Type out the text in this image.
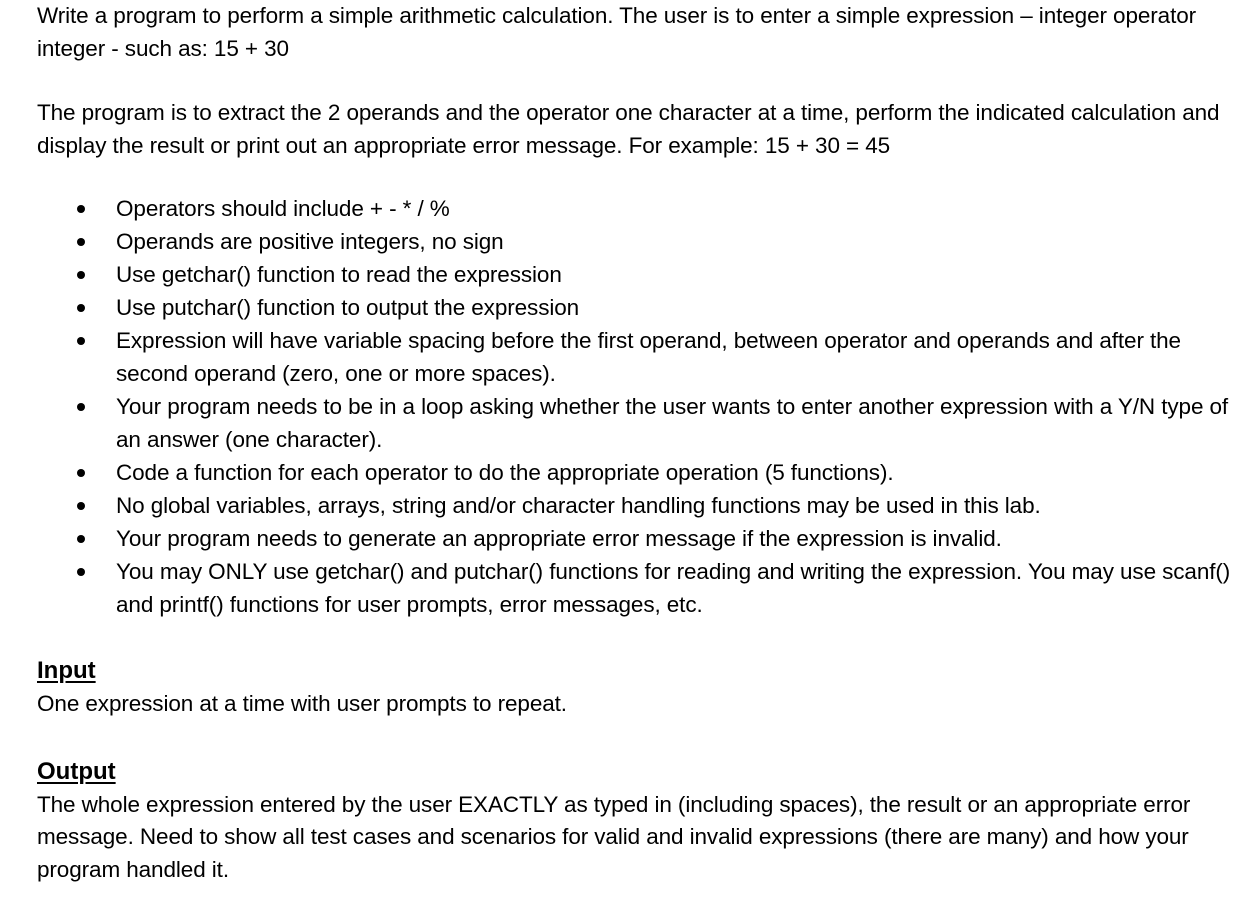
Write a program to perform a simple arithmetic calculation. The user is to enter a simple expression – integer operator integer - such as: 15 + 30

The program is to extract the 2 operands and the operator one character at a time, perform the indicated calculation and display the result or print out an appropriate error message. For example: 15 + 30 = 45

Operators should include + - * / %
Operands are positive integers, no sign
Use getchar() function to read the expression
Use putchar() function to output the expression
Expression will have variable spacing before the first operand, between operator and operands and after the second operand (zero, one or more spaces).
Your program needs to be in a loop asking whether the user wants to enter another expression with a Y/N type of an answer (one character).
Code a function for each operator to do the appropriate operation (5 functions).
No global variables, arrays, string and/or character handling functions may be used in this lab.
Your program needs to generate an appropriate error message if the expression is invalid.
You may ONLY use getchar() and putchar() functions for reading and writing the expression. You may use scanf() and printf() functions for user prompts, error messages, etc.
Input

One expression at a time with user prompts to repeat.

Output

The whole expression entered by the user EXACTLY as typed in (including spaces), the result or an appropriate error message. Need to show all test cases and scenarios for valid and invalid expressions (there are many) and how your program handled it.
